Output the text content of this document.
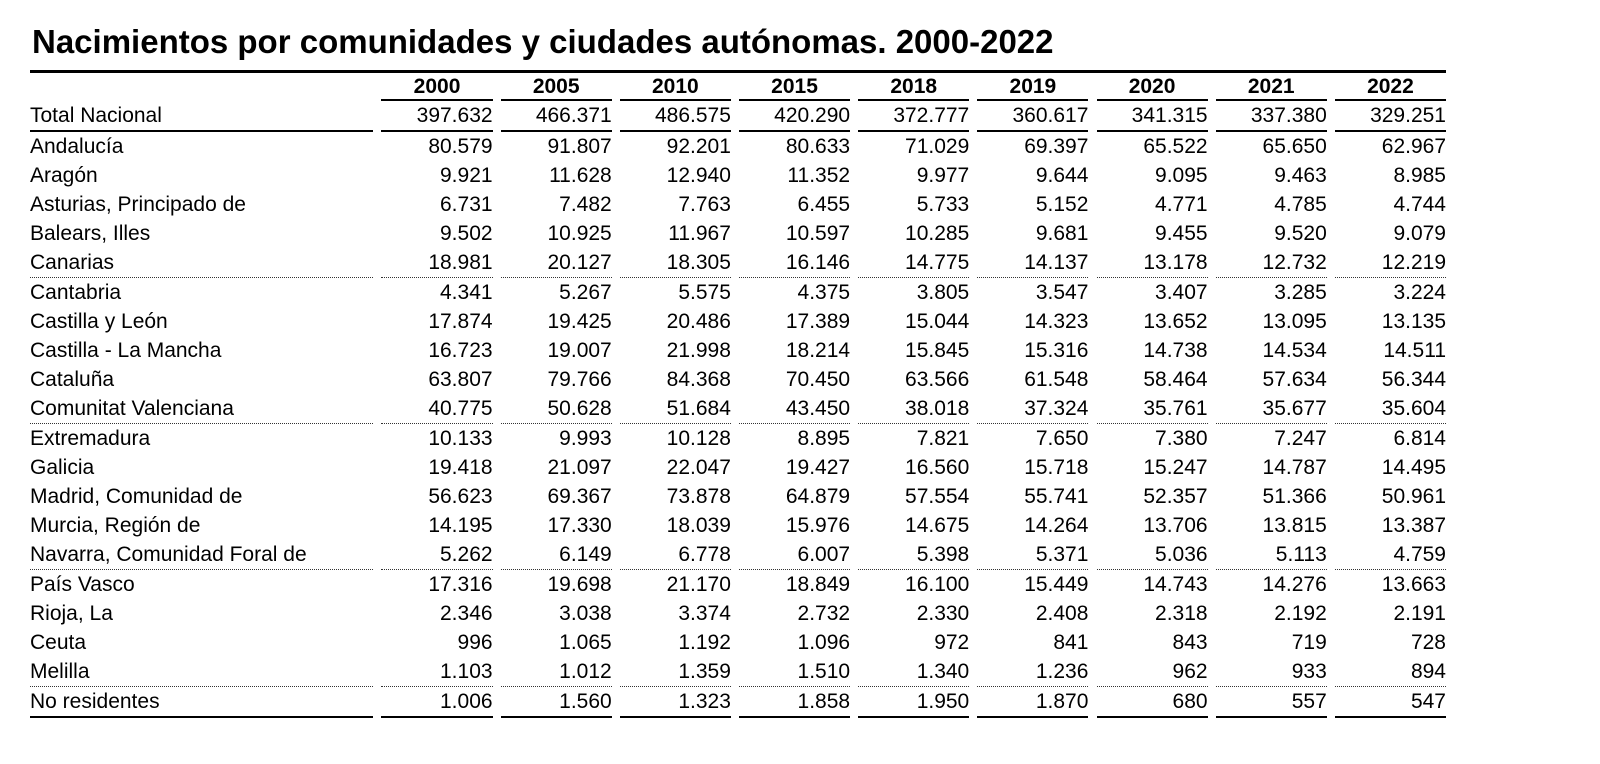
Nacimientos por comunidades y ciudades autónomas. 2000-2022
		2000		2005		2010		2015		2018		2019		2020		2021		2022
Total Nacional		397.632		466.371		486.575		420.290		372.777		360.617		341.315		337.380		329.251
Andalucía		80.579		91.807		92.201		80.633		71.029		69.397		65.522		65.650		62.967
Aragón		9.921		11.628		12.940		11.352		9.977		9.644		9.095		9.463		8.985
Asturias, Principado de		6.731		7.482		7.763		6.455		5.733		5.152		4.771		4.785		4.744
Balears, Illes		9.502		10.925		11.967		10.597		10.285		9.681		9.455		9.520		9.079
Canarias		18.981		20.127		18.305		16.146		14.775		14.137		13.178		12.732		12.219
Cantabria		4.341		5.267		5.575		4.375		3.805		3.547		3.407		3.285		3.224
Castilla y León		17.874		19.425		20.486		17.389		15.044		14.323		13.652		13.095		13.135
Castilla - La Mancha		16.723		19.007		21.998		18.214		15.845		15.316		14.738		14.534		14.511
Cataluña		63.807		79.766		84.368		70.450		63.566		61.548		58.464		57.634		56.344
Comunitat Valenciana		40.775		50.628		51.684		43.450		38.018		37.324		35.761		35.677		35.604
Extremadura		10.133		9.993		10.128		8.895		7.821		7.650		7.380		7.247		6.814
Galicia		19.418		21.097		22.047		19.427		16.560		15.718		15.247		14.787		14.495
Madrid, Comunidad de		56.623		69.367		73.878		64.879		57.554		55.741		52.357		51.366		50.961
Murcia, Región de		14.195		17.330		18.039		15.976		14.675		14.264		13.706		13.815		13.387
Navarra, Comunidad Foral de		5.262		6.149		6.778		6.007		5.398		5.371		5.036		5.113		4.759
País Vasco		17.316		19.698		21.170		18.849		16.100		15.449		14.743		14.276		13.663
Rioja, La		2.346		3.038		3.374		2.732		2.330		2.408		2.318		2.192		2.191
Ceuta		996		1.065		1.192		1.096		972		841		843		719		728
Melilla		1.103		1.012		1.359		1.510		1.340		1.236		962		933		894
No residentes		1.006		1.560		1.323		1.858		1.950		1.870		680		557		547
